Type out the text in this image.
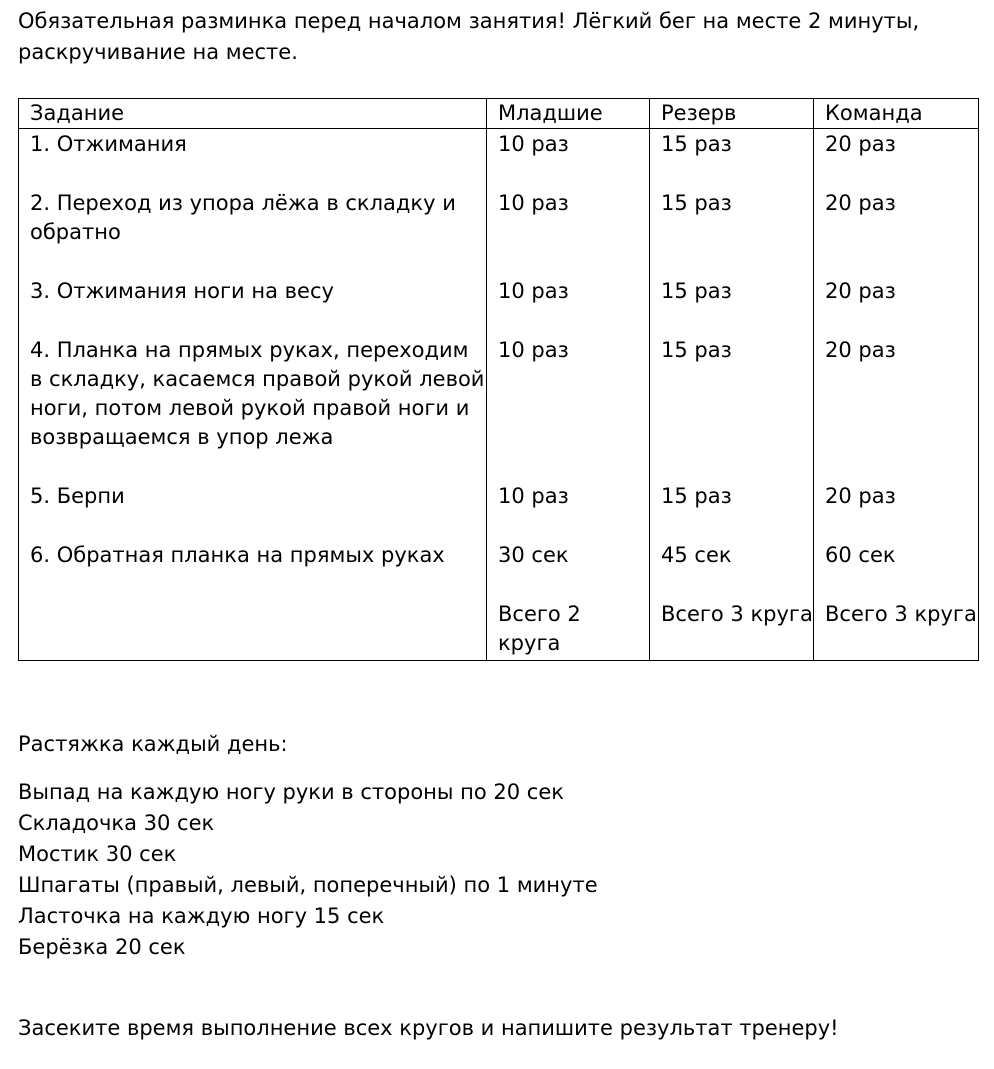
Обязательная разминка перед началом занятия! Лёгкий бег на месте 2 минуты, раскручивание на месте.

Задание	Младшие	Резерв	Команда
1. Отжимания	10 раз	15 раз	20 раз
2. Переход из упора лёжа в складку и обратно	10 раз	15 раз	20 раз
3. Отжимания ноги на весу	10 раз	15 раз	20 раз
4. Планка на прямых руках, переходим в складку, касаемся правой рукой левой ноги, потом левой рукой правой ноги и возвращаемся в упор лежа	10 раз	15 раз	20 раз
5. Берпи	10 раз	15 раз	20 раз
6. Обратная планка на прямых руках	30 сек	45 сек	60 сек
	Всего 2 круга	Всего 3 круга	Всего 3 круга

Растяжка каждый день:

Выпад на каждую ногу руки в стороны по 20 сек
Складочка 30 сек
Мостик 30 сек
Шпагаты (правый, левый, поперечный) по 1 минуте
Ласточка на каждую ногу 15 сек
Берёзка 20 сек

Засеките время выполнение всех кругов и напишите результат тренеру!
